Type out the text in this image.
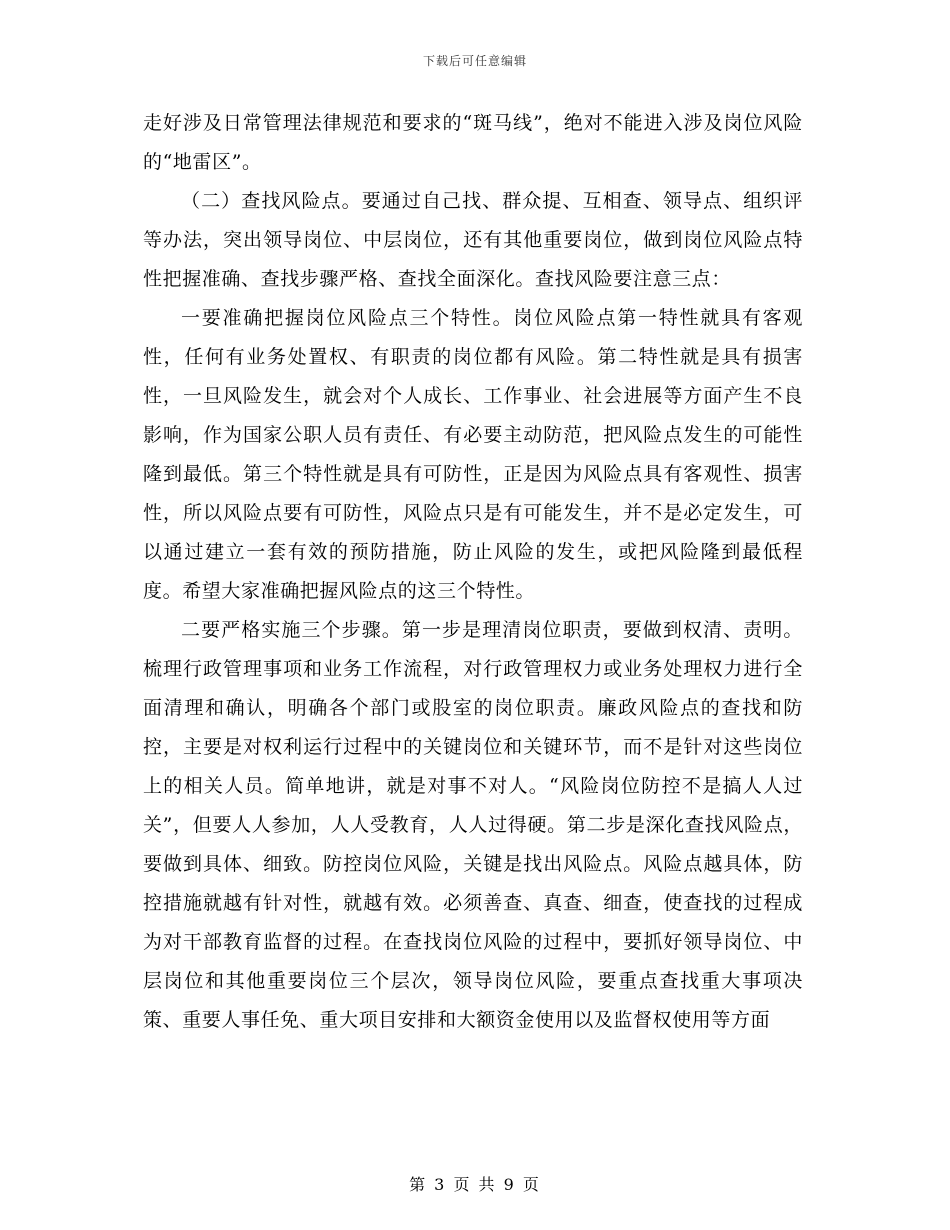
下载后可任意编辑

走好涉及日常管理法律规范和要求的“斑马线”，绝对不能进入涉及岗位风险的“地雷区”。

（二）查找风险点。要通过自己找、群众提、互相查、领导点、组织评等办法，突出领导岗位、中层岗位，还有其他重要岗位，做到岗位风险点特性把握准确、查找步骤严格、查找全面深化。查找风险要注意三点：

一要准确把握岗位风险点三个特性。岗位风险点第一特性就具有客观性，任何有业务处置权、有职责的岗位都有风险。第二特性就是具有损害性，一旦风险发生，就会对个人成长、工作事业、社会进展等方面产生不良影响，作为国家公职人员有责任、有必要主动防范，把风险点发生的可能性隆到最低。第三个特性就是具有可防性，正是因为风险点具有客观性、损害性，所以风险点要有可防性，风险点只是有可能发生，并不是必定发生，可以通过建立一套有效的预防措施，防止风险的发生，或把风险隆到最低程度。希望大家准确把握风险点的这三个特性。

二要严格实施三个步骤。第一步是理清岗位职责，要做到权清、责明。梳理行政管理事项和业务工作流程，对行政管理权力或业务处理权力进行全面清理和确认，明确各个部门或股室的岗位职责。廉政风险点的查找和防控，主要是对权利运行过程中的关键岗位和关键环节，而不是针对这些岗位上的相关人员。简单地讲，就是对事不对人。“风险岗位防控不是搞人人过关”，但要人人参加，人人受教育，人人过得硬。第二步是深化查找风险点，要做到具体、细致。防控岗位风险，关键是找出风险点。风险点越具体，防控措施就越有针对性，就越有效。必须善查、真查、细查，使查找的过程成为对干部教育监督的过程。在查找岗位风险的过程中，要抓好领导岗位、中层岗位和其他重要岗位三个层次，领导岗位风险，要重点查找重大事项决策、重要人事任免、重大项目安排和大额资金使用以及监督权使用等方面

第 3 页 共 9 页
